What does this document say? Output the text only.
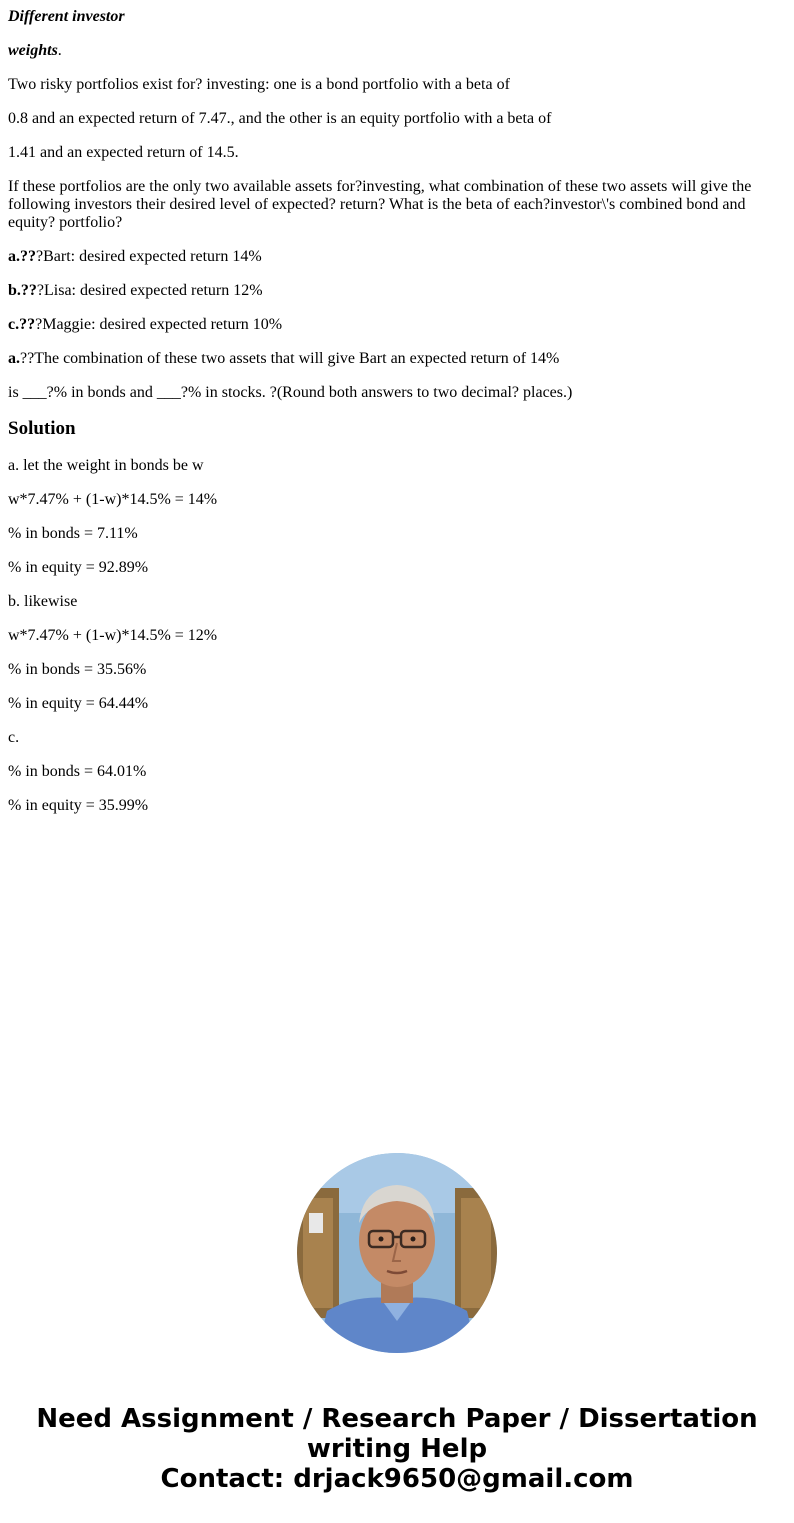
Different investor

weights.

Two risky portfolios exist for? investing: one is a bond portfolio with a beta of

0.8 and an expected return of 7.47., and the other is an equity portfolio with a beta of

1.41 and an expected return of 14.5.

If these portfolios are the only two available assets for?investing, what combination of these two assets will give the following investors their desired level of expected? return? What is the beta of each?investor\'s combined bond and equity? portfolio?

a.???Bart: desired expected return 14%

b.???Lisa: desired expected return 12%

c.???Maggie: desired expected return 10%

a.??The combination of these two assets that will give Bart an expected return of 14%

is ___?% in bonds and ___?% in stocks. ?(Round both answers to two decimal? places.)

Solution

a. let the weight in bonds be w

w*7.47% + (1-w)*14.5% = 14%

% in bonds = 7.11%

% in equity = 92.89%

b. likewise

w*7.47% + (1-w)*14.5% = 12%

% in bonds = 35.56%

% in equity = 64.44%

c.

% in bonds = 64.01%

% in equity = 35.99%

Need Assignment / Research Paper / Dissertation
writing Help
Contact: drjack9650@gmail.com
